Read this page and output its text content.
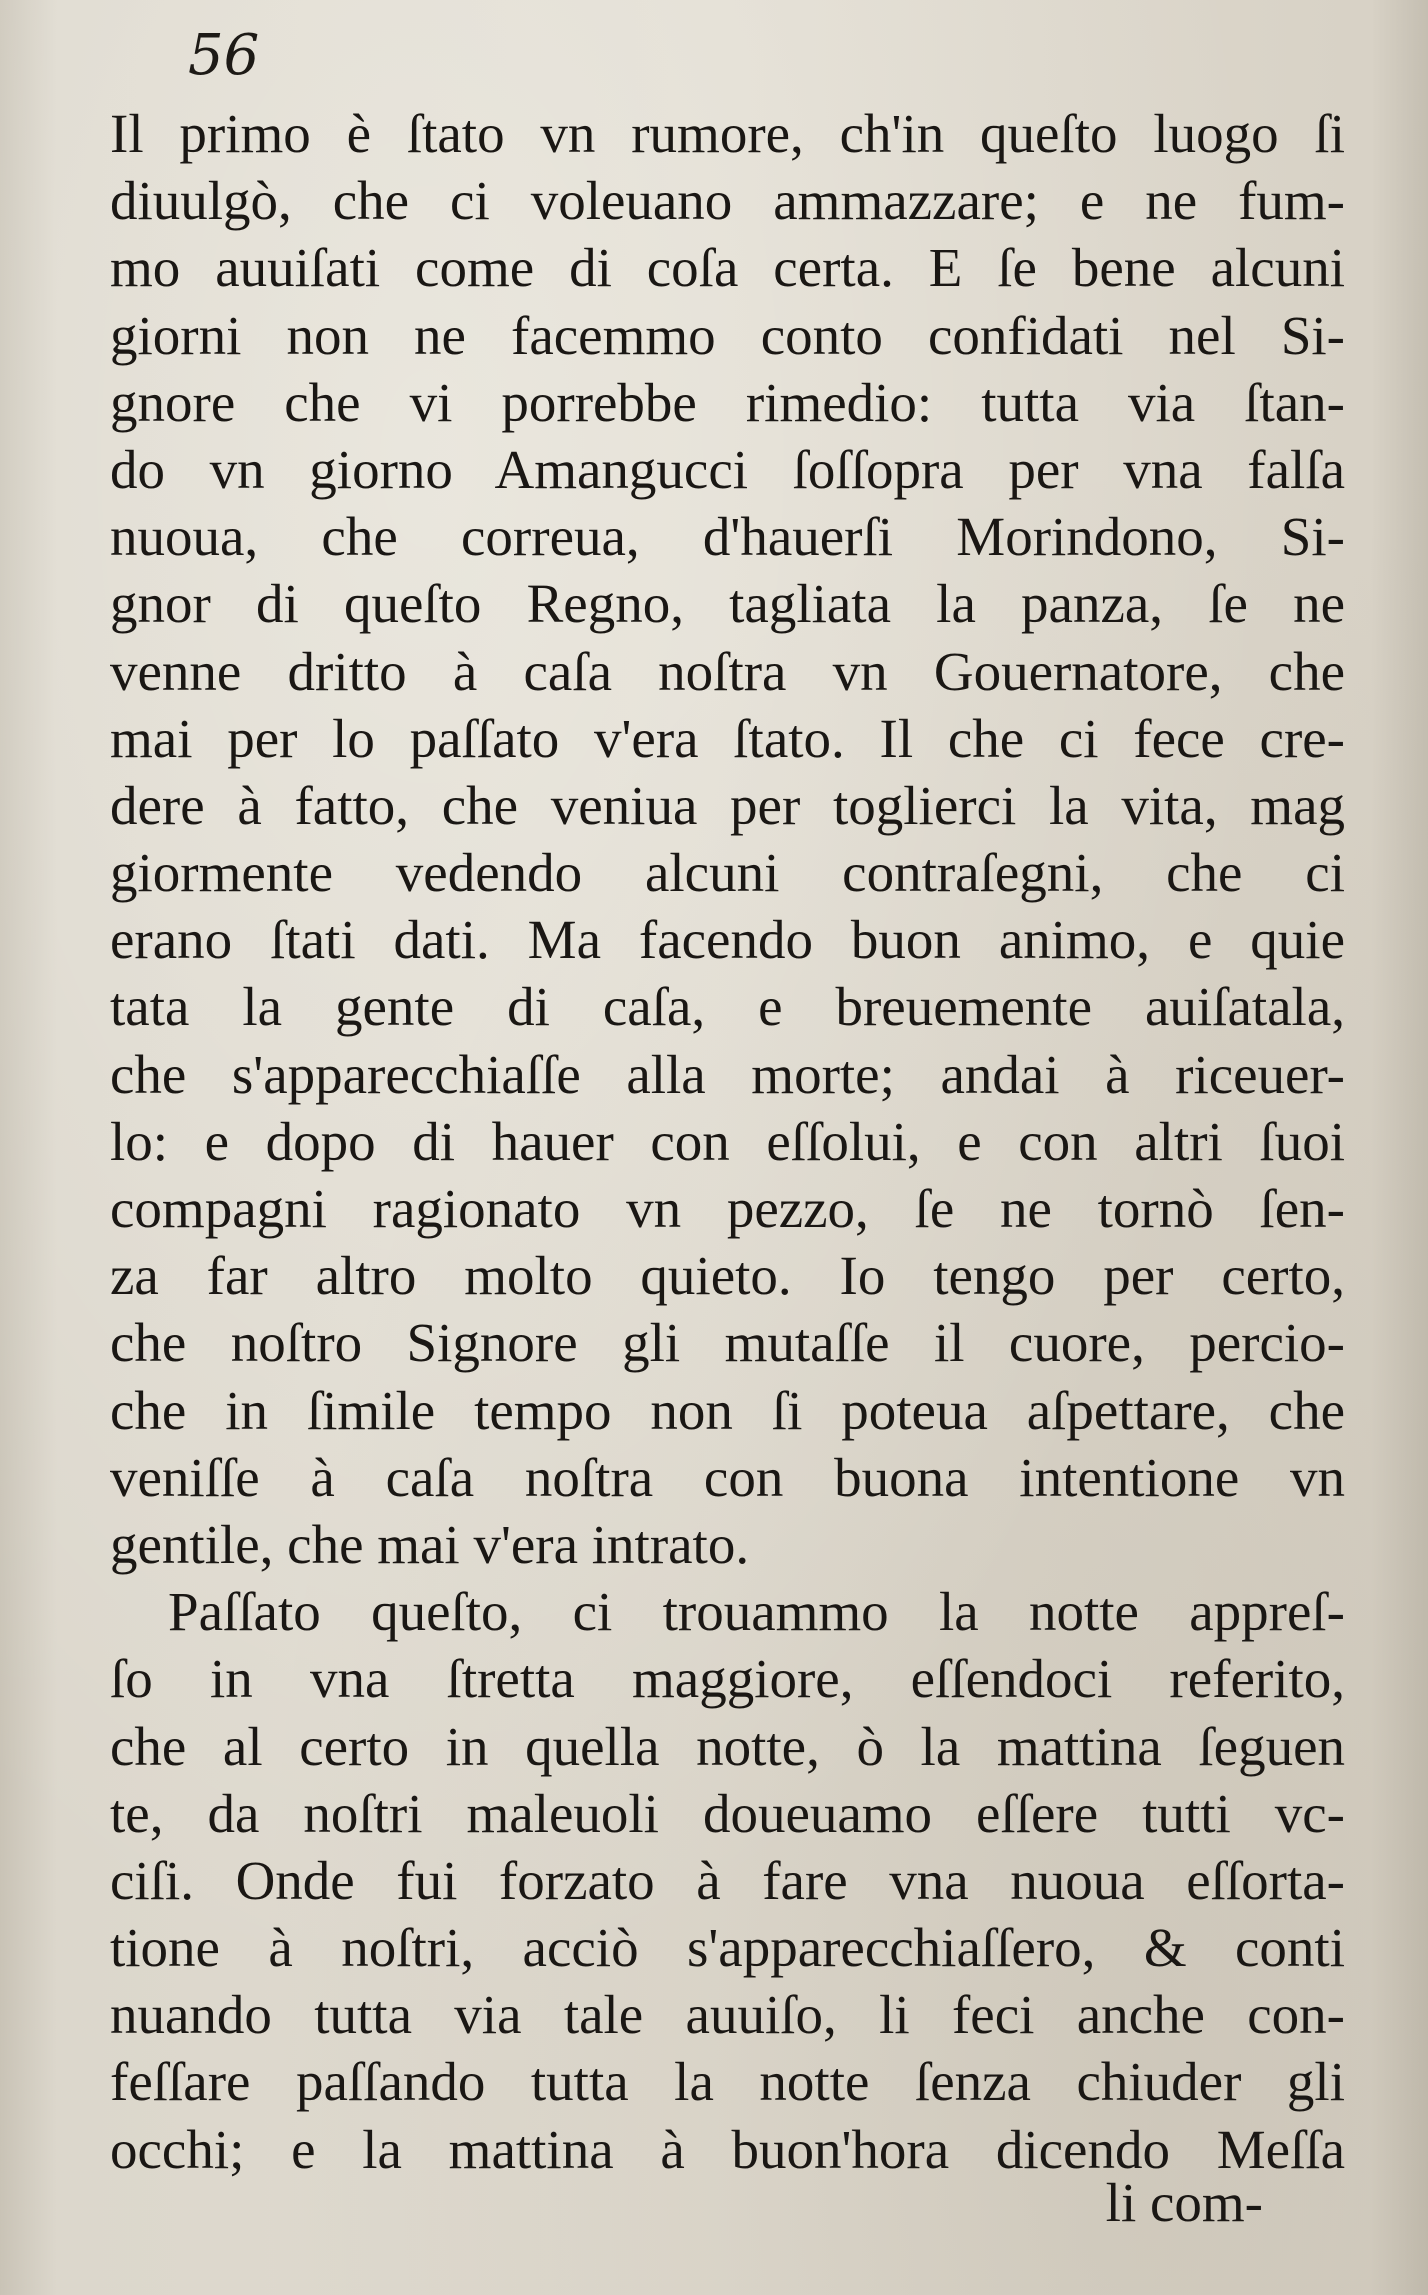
56
Il primo è ſtato vn rumore, ch'in queſto luogo ſi
diuulgò, che ci voleuano ammazzare; e ne fum-
mo auuiſati come di coſa certa. E ſe bene alcuni
giorni non ne facemmo conto confidati nel Si-
gnore che vi porrebbe rimedio: tutta via ſtan-
do vn giorno Amangucci ſoſſopra per vna falſa
nuoua, che correua, d'hauerſi Morindono, Si-
gnor di queſto Regno, tagliata la panza, ſe ne
venne dritto à caſa noſtra vn Gouernatore, che
mai per lo paſſato v'era ſtato. Il che ci fece cre-
dere à fatto, che veniua per toglierci la vita, mag
giormente vedendo alcuni contraſegni, che ci
erano ſtati dati. Ma facendo buon animo, e quie
tata la gente di caſa, e breuemente auiſatala,
che s'apparecchiaſſe alla morte; andai à riceuer-
lo: e dopo di hauer con eſſolui, e con altri ſuoi
compagni ragionato vn pezzo, ſe ne tornò ſen-
za far altro molto quieto. Io tengo per certo,
che noſtro Signore gli mutaſſe il cuore, percio-
che in ſimile tempo non ſi poteua aſpettare, che
veniſſe à caſa noſtra con buona intentione vn
gentile, che mai v'era intrato.
Paſſato queſto, ci trouammo la notte appreſ-
ſo in vna ſtretta maggiore, eſſendoci referito,
che al certo in quella notte, ò la mattina ſeguen
te, da noſtri maleuoli doueuamo eſſere tutti vc-
ciſi. Onde fui forzato à fare vna nuoua eſſorta-
tione à noſtri, acciò s'apparecchiaſſero, & conti
nuando tutta via tale auuiſo, li feci anche con-
feſſare paſſando tutta la notte ſenza chiuder gli
occhi; e la mattina à buon'hora dicendo Meſſa
li com-
